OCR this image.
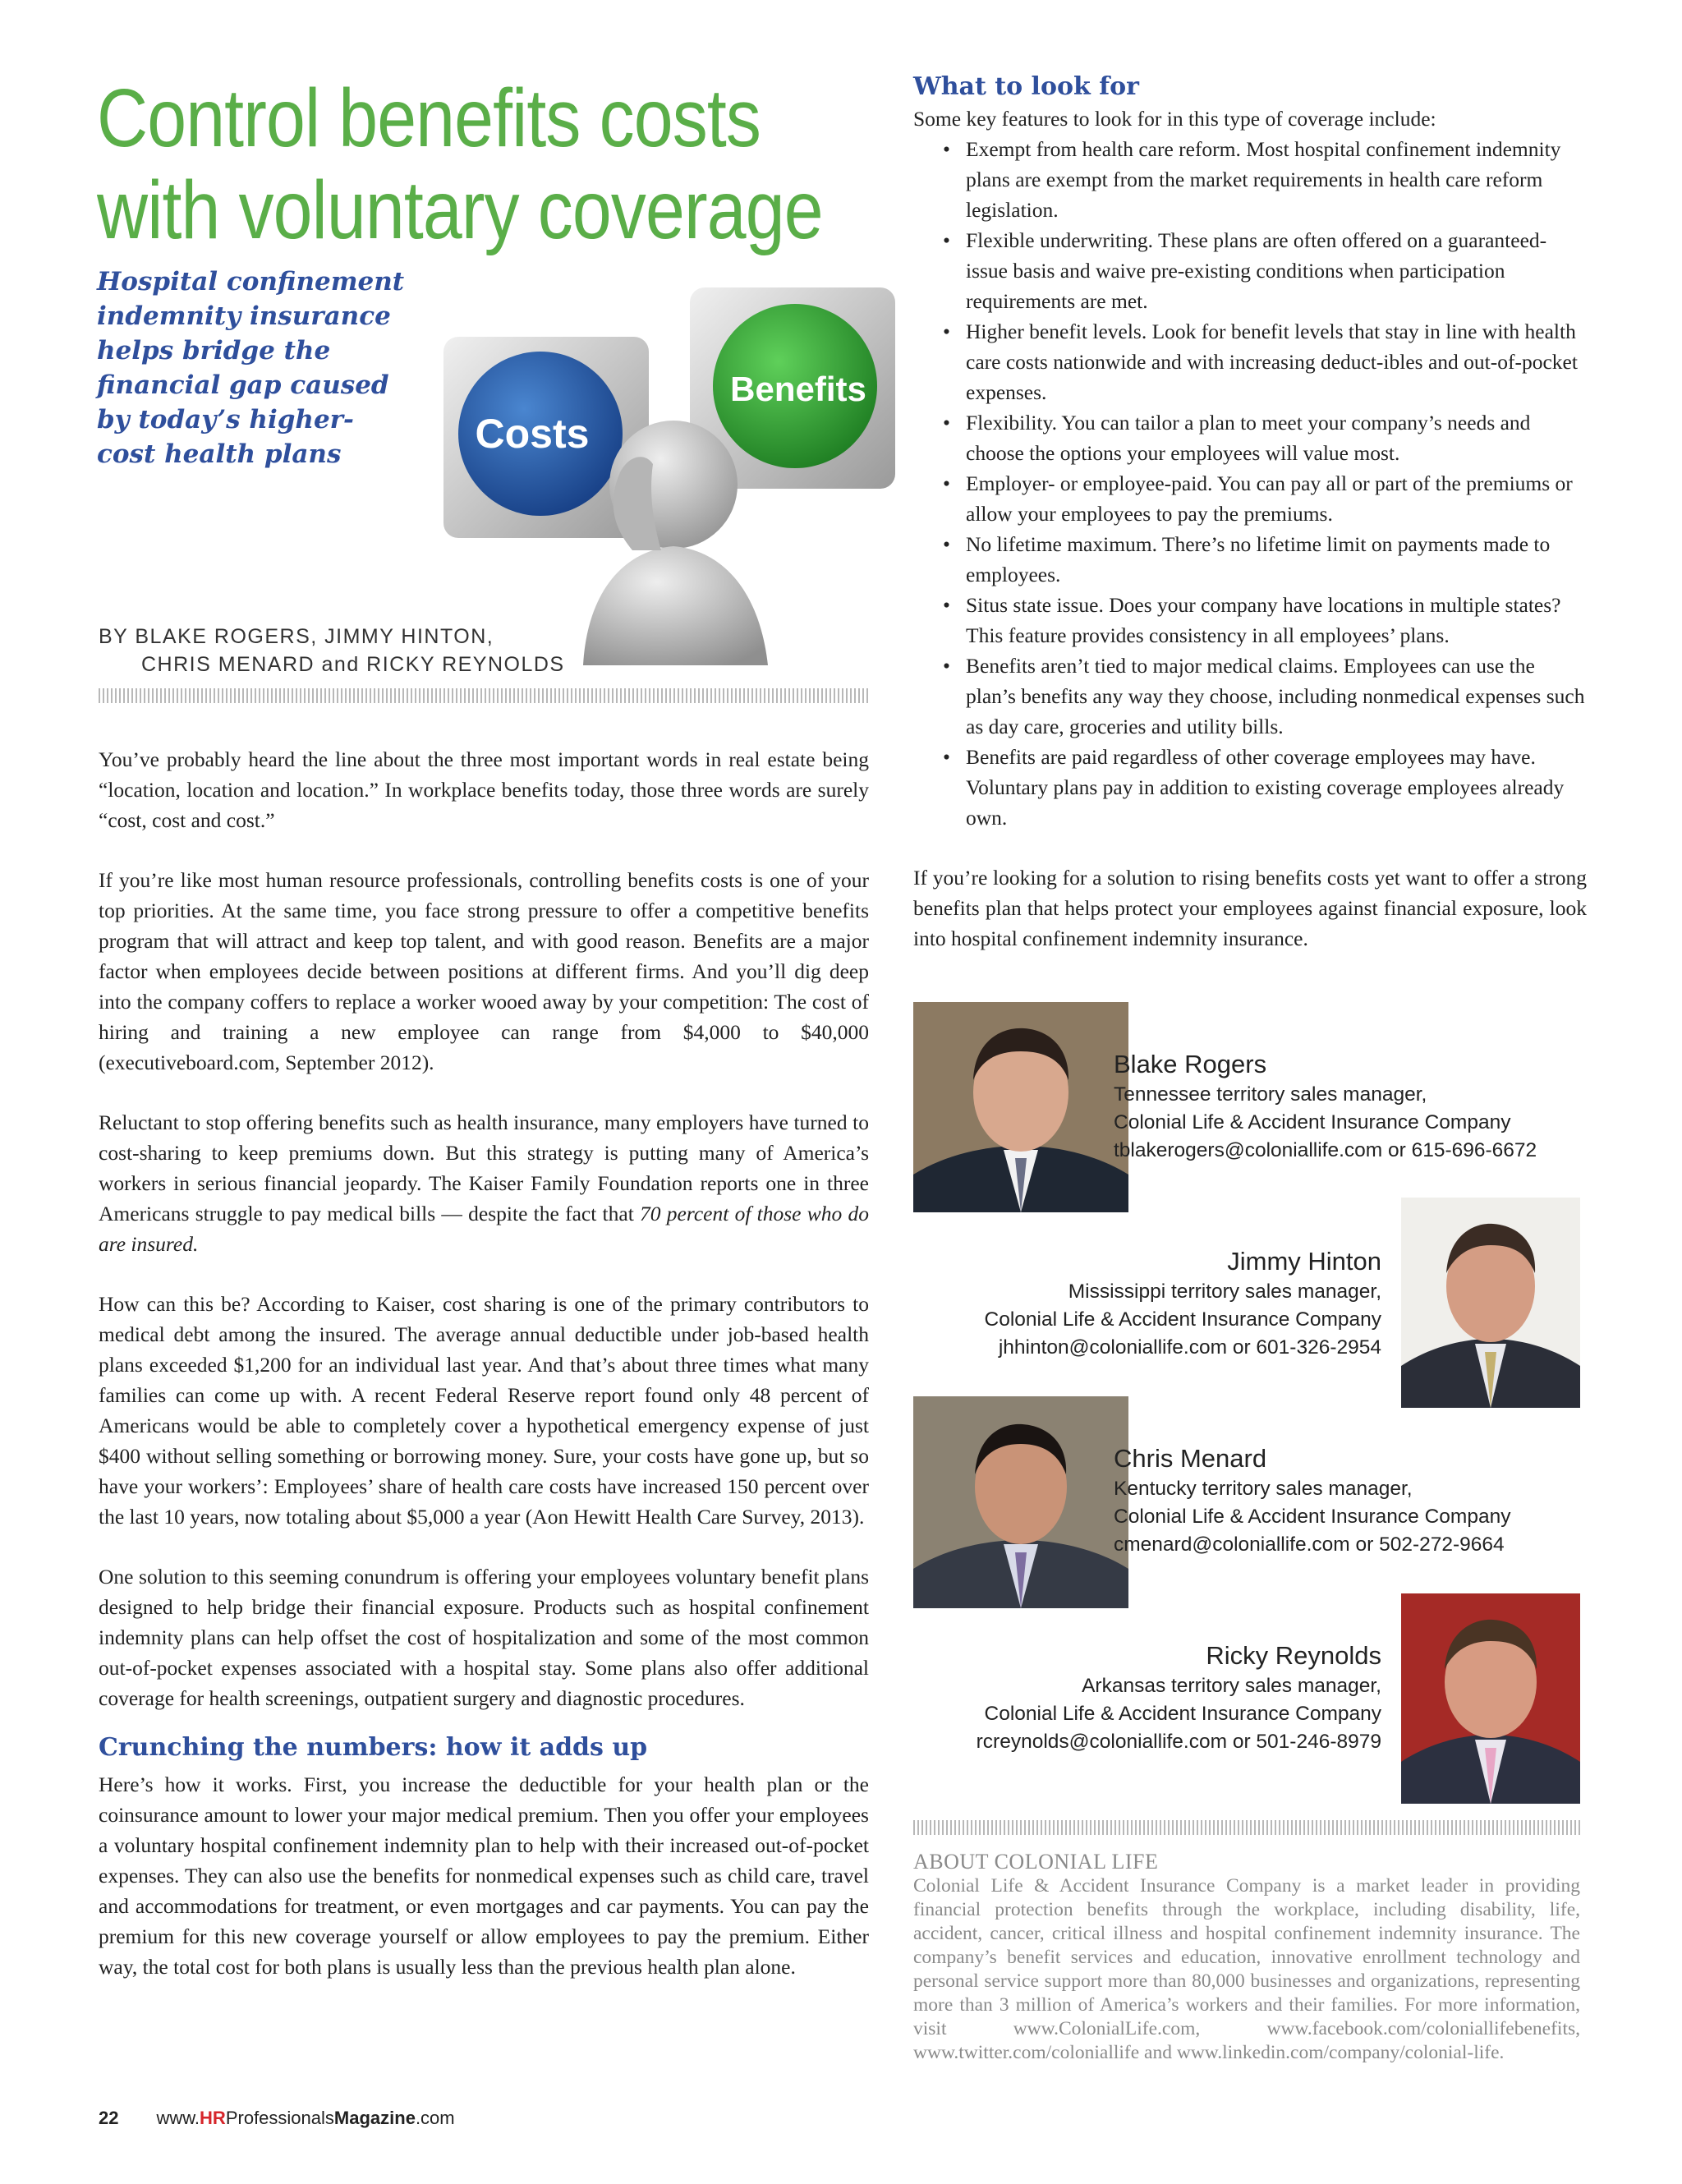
Control benefits costs
with voluntary coverage
Hospital confinement indemnity insurance helps bridge the financial gap caused by today’s higher-cost health plans	Costs
Benefits
BY BLAKE ROGERS, JIMMY HINTON,
CHRIS MENARD and RICKY REYNOLDS

You’ve probably heard the line about the three most important words in real estate being “location, location and location.” In workplace benefits today, those three words are surely “cost, cost and cost.”

If you’re like most human resource professionals, controlling benefits costs is one of your top priorities. At the same time, you face strong pressure to offer a competitive benefits program that will attract and keep top talent, and with good reason. Benefits are a major factor when employees decide between positions at different firms. And you’ll dig deep into the company coffers to replace a worker wooed away by your competition: The cost of hiring and training a new employee can range from $4,000 to $40,000 (executiveboard.com, September 2012).

Reluctant to stop offering benefits such as health insurance, many employers have turned to cost-sharing to keep premiums down. But this strategy is putting many of America’s workers in serious financial jeopardy. The Kaiser Family Foundation reports one in three Americans struggle to pay medical bills — despite the fact that 70 percent of those who do are insured.

How can this be? According to Kaiser, cost sharing is one of the primary contributors to medical debt among the insured. The average annual deductible under job-based health plans exceeded $1,200 for an individual last year. And that’s about three times what many families can come up with. A recent Federal Reserve report found only 48 percent of Americans would be able to completely cover a hypothetical emergency expense of just $400 without selling something or borrowing money. Sure, your costs have gone up, but so have your workers’: Employees’ share of health care costs have increased 150 percent over the last 10 years, now totaling about $5,000 a year (Aon Hewitt Health Care Survey, 2013).

One solution to this seeming conundrum is offering your employees voluntary benefit plans designed to help bridge their financial exposure. Products such as hospital confinement indemnity plans can help offset the cost of hospitalization and some of the most common out-of-pocket expenses associated with a hospital stay. Some plans also offer additional coverage for health screenings, outpatient surgery and diagnostic procedures.

Crunching the numbers: how it adds up

Here’s how it works. First, you increase the deductible for your health plan or the coinsurance amount to lower your major medical premium. Then you offer your employees a voluntary hospital confinement indemnity plan to help with their increased out-of-pocket expenses. They can also use the benefits for nonmedical expenses such as child care, travel and accommodations for treatment, or even mortgages and car payments. You can pay the premium for this new coverage yourself or allow employees to pay the premium. Either way, the total cost for both plans is usually less than the previous health plan alone.

What to look for
Some key features to look for in this type of coverage include:
• Exempt from health care reform. Most hospital confinement indemnity plans are exempt from the market requirements in health care reform legislation.
• Flexible underwriting. These plans are often offered on a guaranteed-issue basis and waive pre-existing conditions when participation requirements are met.
• Higher benefit levels. Look for benefit levels that stay in line with health care costs nationwide and with increasing deduct-ibles and out-of-pocket expenses.
• Flexibility. You can tailor a plan to meet your company’s needs and choose the options your employees will value most.
• Employer- or employee-paid. You can pay all or part of the premiums or allow your employees to pay the premiums.
• No lifetime maximum. There’s no lifetime limit on payments made to employees.
• Situs state issue. Does your company have locations in multiple states? This feature provides consistency in all employees’ plans.
• Benefits aren’t tied to major medical claims. Employees can use the plan’s benefits any way they choose, including nonmedical expenses such as day care, groceries and utility bills.
• Benefits are paid regardless of other coverage employees may have. Voluntary plans pay in addition to existing coverage employees already own.
If you’re looking for a solution to rising benefits costs yet want to offer a strong benefits plan that helps protect your employees against financial exposure, look into hospital confinement indemnity insurance.
Blake Rogers
Tennessee territory sales manager,
Colonial Life & Accident Insurance Company
tblakerogers@coloniallife.com or 615-696-6672
Jimmy Hinton
Mississippi territory sales manager,
Colonial Life & Accident Insurance Company
jhhinton@coloniallife.com or 601-326-2954
Chris Menard
Kentucky territory sales manager,
Colonial Life & Accident Insurance Company
cmenard@coloniallife.com or 502-272-9664
Ricky Reynolds
Arkansas territory sales manager,
Colonial Life & Accident Insurance Company
rcreynolds@coloniallife.com or 501-246-8979
ABOUT COLONIAL LIFE
Colonial Life & Accident Insurance Company is a market leader in providing financial protection benefits through the workplace, including disability, life, accident, cancer, critical illness and hospital confinement indemnity insurance. The company’s benefit services and education, innovative enrollment technology and personal service support more than 80,000 businesses and organizations, representing more than 3 million of America’s workers and their families. For more information, visit www.ColonialLife.com, www.facebook.com/coloniallifebenefits, www.twitter.com/coloniallife and www.linkedin.com/company/colonial-life.
22 www.HRProfessionalsMagazine.com
